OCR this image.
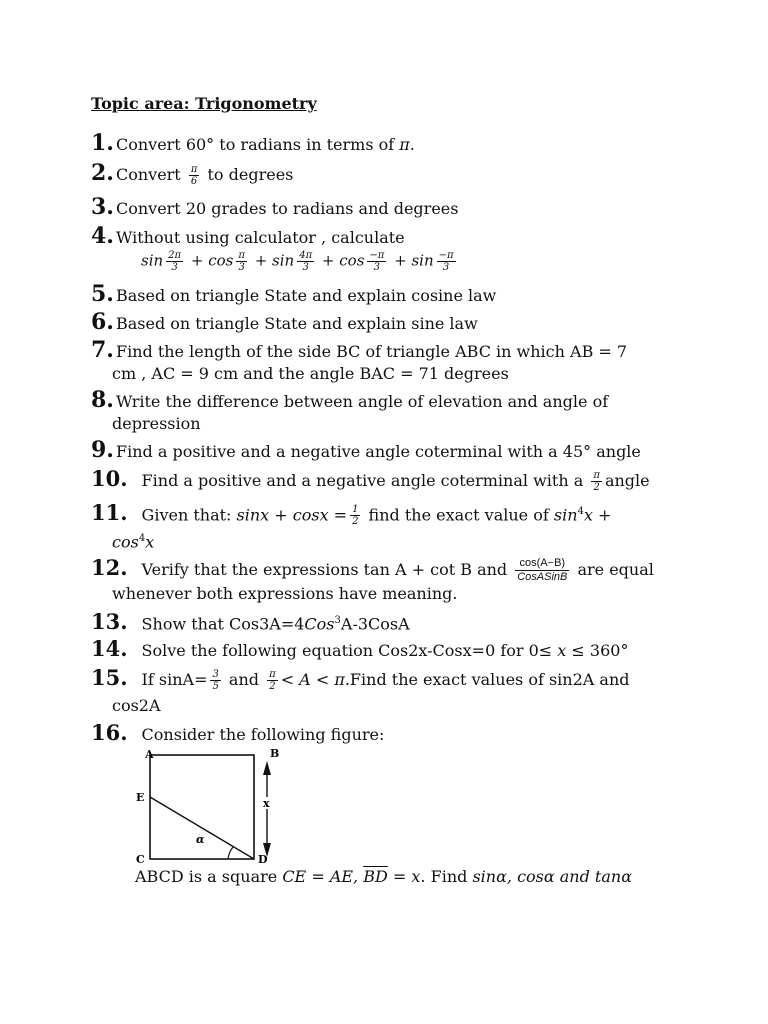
Topic area: Trigonometry
1. Convert 60° to radians in terms of π.
2. Convert $\frac{\pi}{6}$ to degrees
3. Convert 20 grades to radians and degrees
4. Without using calculator , calculate
$\sin \frac{2\pi}{3} + \cos \frac{\pi}{3} + \sin \frac{4\pi}{3} + \cos \frac{-\pi}{3} + \sin \frac{-\pi}{3}$
5. Based on triangle State and explain cosine law
6. Based on triangle State and explain sine law
7. Find the length of the side BC of triangle ABC in which AB = 7
cm , AC = 9 cm and the angle BAC = 71 degrees
8. Write the difference between angle of elevation and angle of
depression
9. Find a positive and a negative angle coterminal with a 45° angle
10. Find a positive and a negative angle coterminal with a $\frac{\pi}{2}$ angle
11. Given that: $\sin x + \cos x = \frac{1}{2}$ find the exact value of $\sin^4x$ +
$\cos^4x$
12. Verify that the expressions tan A + cot B and $\frac{\cos(A-B)}{\text{CosASinB}}$ are equal
whenever both expressions have meaning.
13. Show that Cos3A=4Cos$^3$A-3CosA
14. Solve the following equation Cos2x-Cosx=0 for 0≤ x ≤ 360°
15. If $\sin A= \frac{3}{5}$ and $\frac{\pi}{2} < A$ < π.Find the exact values of sin2A and
cos2A
16. Consider the following figure:
A	B
E
C	D
x
α
ABCD is a square CE = AE, $\overline{BD} = x$. Find sinα, cosα and tanα
